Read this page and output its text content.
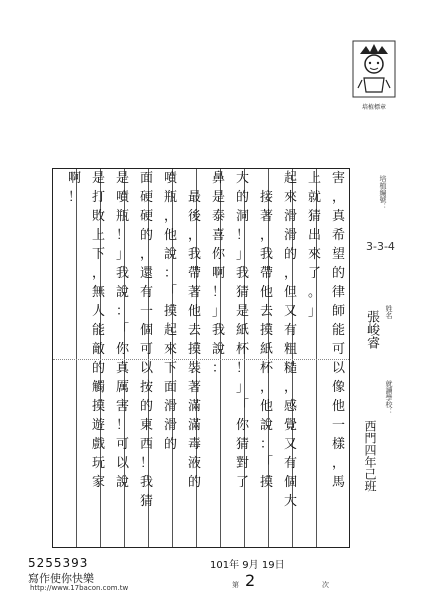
培植標章
培植編號：
3-3-4
姓名
張峻睿
就讀學校：
西門四年己班
害
，
真
希
望
的
律
師
能
可
以
像
他
一
樣
，
馬
上
就
猜
出
來
了
。
」
起
來
滑
滑
的
，
但
又
有
粗
糙
，
感
覺
又
有
個
大
接
著
，
我
帶
他
去
摸
紙
杯
，
他
說
：
「
摸
大
的
洞
！
」
我
猜
是
紙
杯
！
」
「
你
猜
對
了
鼻
是
泰
喜
你
啊
！
」
我
說
：
最
後
，
我
帶
著
他
去
摸
裝
著
滿
滿
毒
液
的
噴
瓶
，
他
說
：
「
摸
起
來
下
面
滑
滑
的
面
硬
硬
的
，
還
有
一
個
可
以
按
的
東
西
！
我
猜
是
噴
瓶
！
」
我
說
：
「
你
真
厲
害
！
可
以
說
是
打
敗
上
下
，
無
人
能
敵
的
觸
摸
遊
戲
玩
家
啊
！
5255393
寫作使你快樂
http://www.17bacon.com.tw
101年 9月 19日
第 2	次
